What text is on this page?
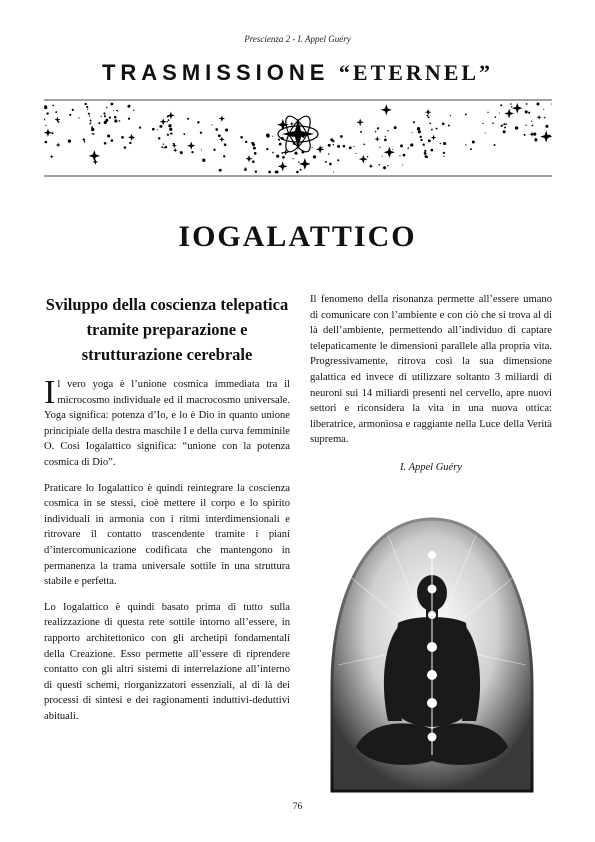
Prescienza 2 - I. Appel Guéry
TRASMISSIONE “ETERNEL”
IOGALATTICO
Sviluppo della coscienza telepatica tramite preparazione e strutturazione cerebrale

Il vero yoga è l’unione cosmica immediata tra il microcosmo individuale ed il macrocosmo universale. Yoga significa: potenza d’Io, e lo è Dio in quanto unione principiale della destra maschile I e della curva femminile O. Così Iogalattico significa: “unione con la potenza cosmica di Dio”.

Praticare lo Iogalattico è quindi reintegrare la coscienza cosmica in se stessi, cioè mettere il corpo e lo spirito individuali in armonia con i ritmi interdimensionali e ritrovare il contatto trascendente tramite i piani d’intercomunicazione codificata che mantengono in permanenza la trama universale sottile in una struttura stabile e perfetta.

Lo Iogalattico è quindi basato prima di tutto sulla realizzazione di questa rete sottile intorno all’essere, in rapporto architettonico con gli archetipi fondamentali della Creazione. Esso permette all’essere di riprendere contatto con gli altri sistemi di interrelazione all’interno di questi schemi, riorganizzatori essenziali, al di là dei processi di sintesi e dei ragionamenti induttivi-deduttivi abituali.

Il fenomeno della risonanza permette all’essere umano di comunicare con l’ambiente e con ciò che si trova al di là dell’ambiente, permettendo all’individuo di captare telepaticamente le dimensioni parallele alla propria vita. Progressivamente, ritrova così la sua dimensione galattica ed invece di utilizzare soltanto 3 miliardi di neuroni sui 14 miliardi presenti nel cervello, apre nuovi settori e riconsidera la vita in una nuova ottica: liberatrice, armoniosa e raggiante nella Luce della Verità suprema.

I. Appel Guéry
76
